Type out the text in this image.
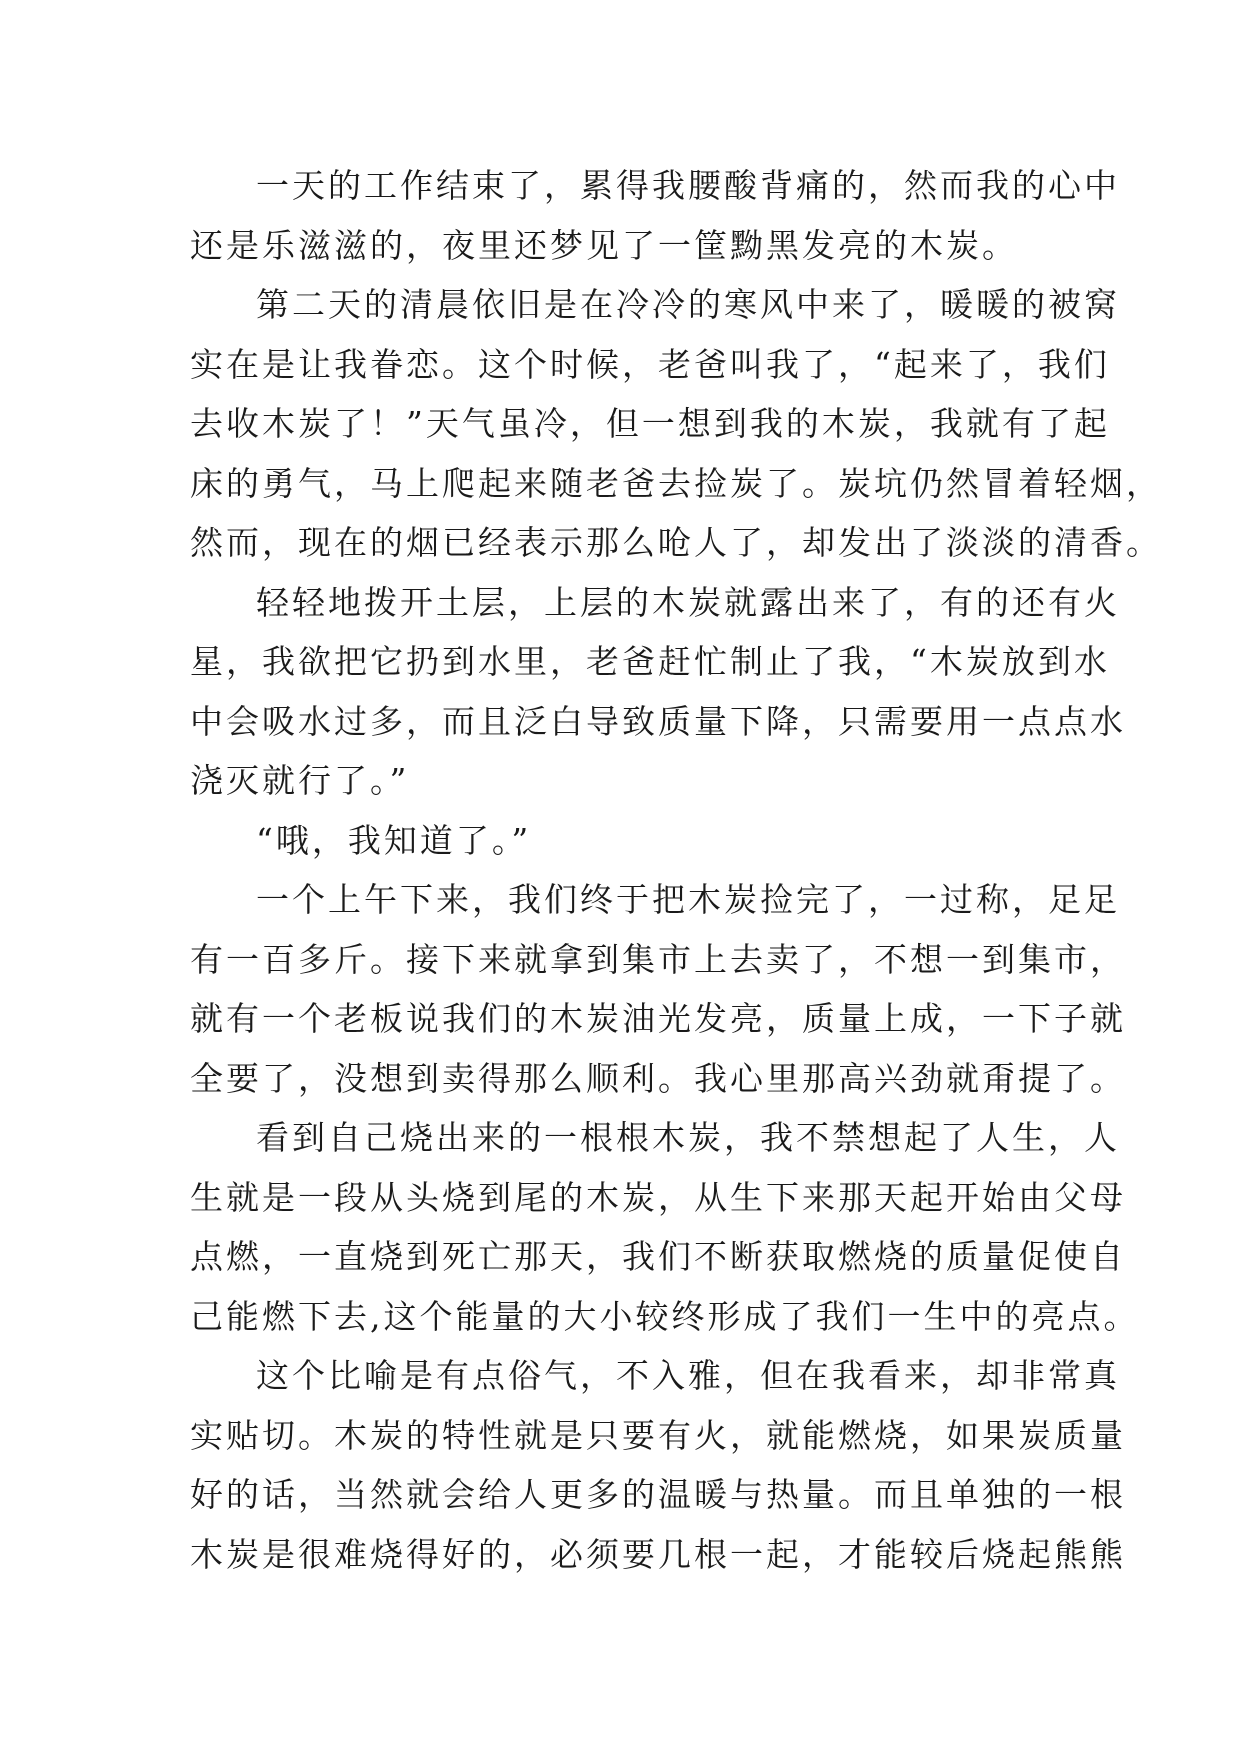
一天的工作结束了，累得我腰酸背痛的，然而我的心中
还是乐滋滋的，夜里还梦见了一筐黝黑发亮的木炭。
第二天的清晨依旧是在冷冷的寒风中来了，暖暖的被窝
实在是让我眷恋。这个时候，老爸叫我了，“起来了，我们
去收木炭了！”天气虽冷，但一想到我的木炭，我就有了起
床的勇气，马上爬起来随老爸去捡炭了。炭坑仍然冒着轻烟，
然而，现在的烟已经表示那么呛人了，却发出了淡淡的清香。
轻轻地拨开土层，上层的木炭就露出来了，有的还有火
星，我欲把它扔到水里，老爸赶忙制止了我，“木炭放到水
中会吸水过多，而且泛白导致质量下降，只需要用一点点水
浇灭就行了。”
“哦，我知道了。”
一个上午下来，我们终于把木炭捡完了，一过称，足足
有一百多斤。接下来就拿到集市上去卖了，不想一到集市，
就有一个老板说我们的木炭油光发亮，质量上成，一下子就
全要了，没想到卖得那么顺利。我心里那高兴劲就甭提了。
看到自己烧出来的一根根木炭，我不禁想起了人生，人
生就是一段从头烧到尾的木炭，从生下来那天起开始由父母
点燃，一直烧到死亡那天，我们不断获取燃烧的质量促使自
己能燃下去,这个能量的大小较终形成了我们一生中的亮点。
这个比喻是有点俗气，不入雅，但在我看来，却非常真
实贴切。木炭的特性就是只要有火，就能燃烧，如果炭质量
好的话，当然就会给人更多的温暖与热量。而且单独的一根
木炭是很难烧得好的，必须要几根一起，才能较后烧起熊熊
